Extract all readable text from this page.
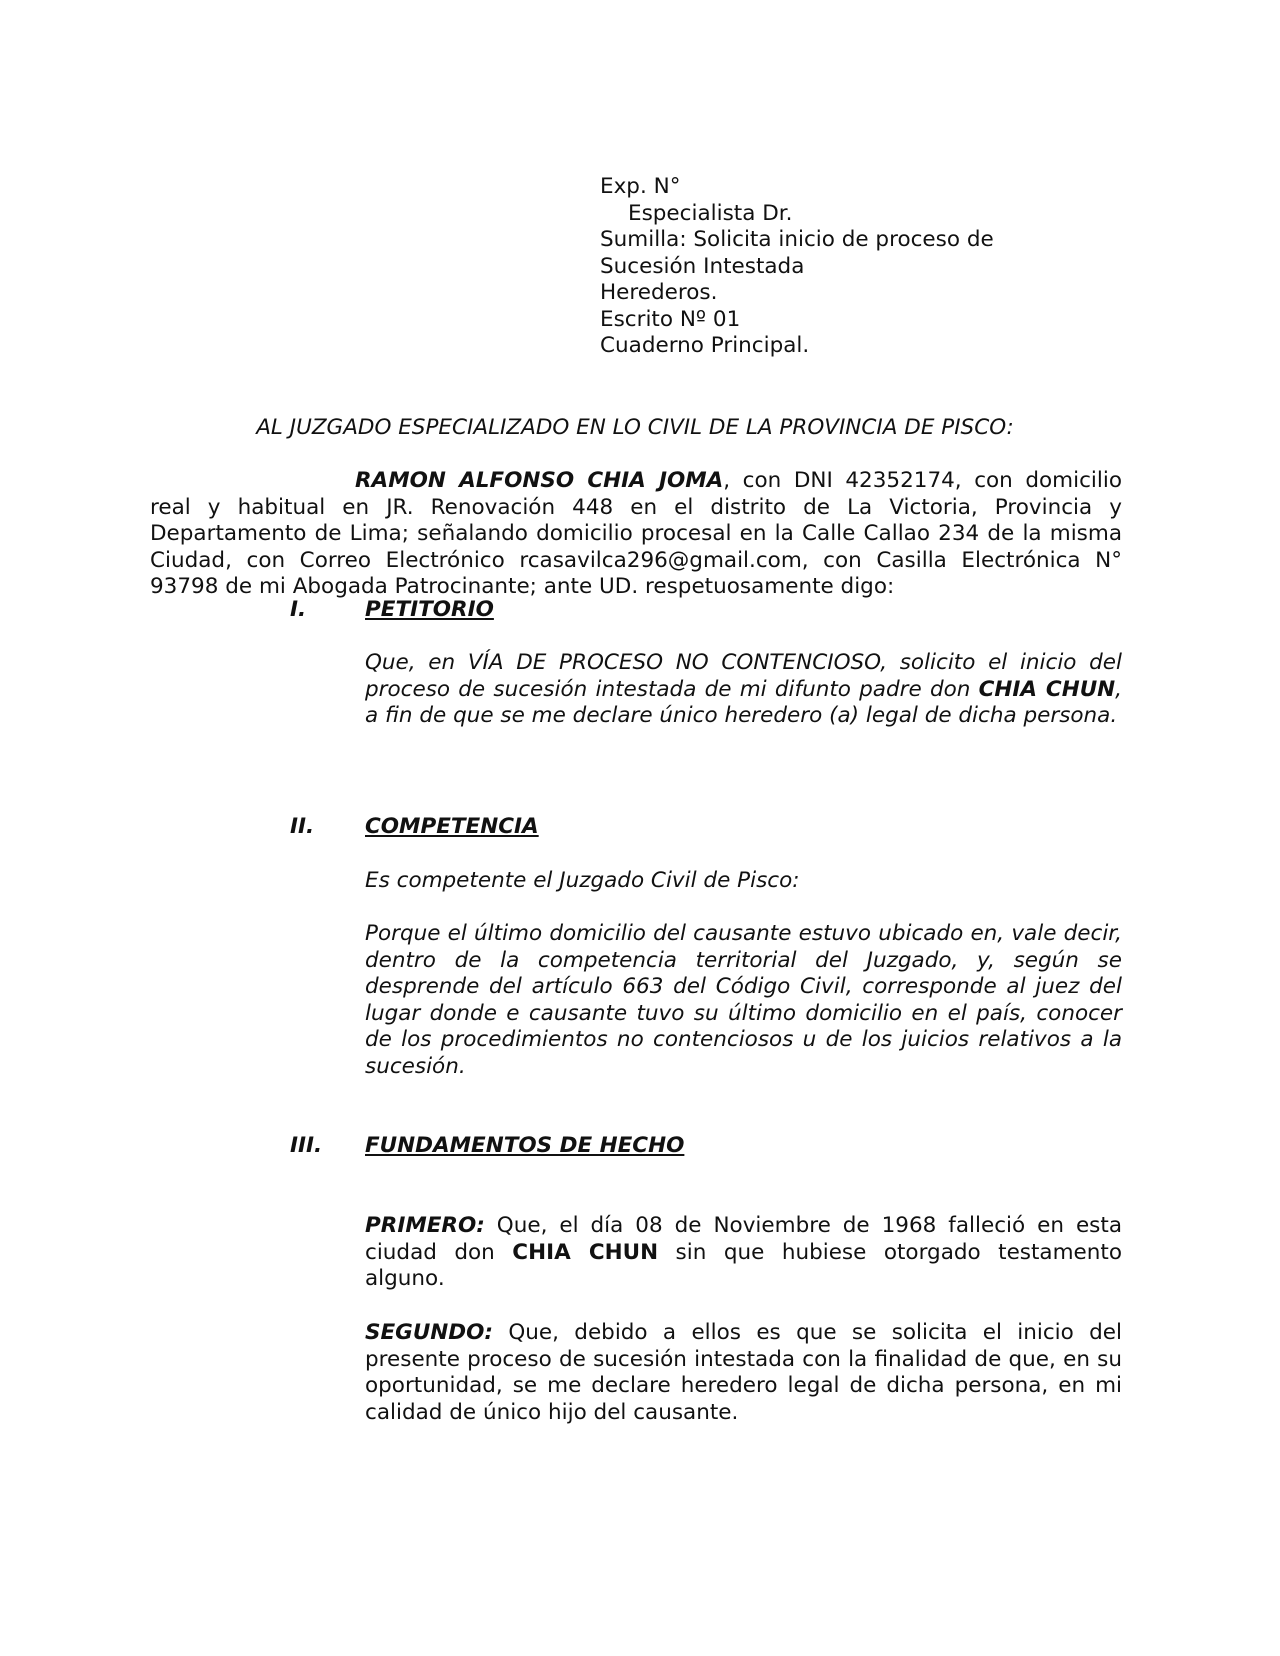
Exp. N°
Especialista Dr.
Sumilla: Solicita inicio de proceso de
Sucesión Intestada
Herederos.
Escrito Nº 01
Cuaderno Principal.
AL JUZGADO ESPECIALIZADO EN LO CIVIL DE LA PROVINCIA DE PISCO:
RAMON ALFONSO CHIA JOMA, con DNI 42352174, con domicilio real y habitual en JR. Renovación 448 en el distrito de La Victoria, Provincia y Departamento de Lima; señalando domicilio procesal en la Calle Callao 234 de la misma Ciudad, con Correo Electrónico rcasavilca296@gmail.com, con Casilla Electrónica N° 93798 de mi Abogada Patrocinante; ante UD. respetuosamente digo:
I.	PETITORIO
Que, en VÍA DE PROCESO NO CONTENCIOSO, solicito el inicio del proceso de sucesión intestada de mi difunto padre don CHIA CHUN, a fin de que se me declare único heredero (a) legal de dicha persona.
II. COMPETENCIA
Es competente el Juzgado Civil de Pisco:
Porque el último domicilio del causante estuvo ubicado en, vale decir, dentro de la competencia territorial del Juzgado, y, según se desprende del artículo 663 del Código Civil, corresponde al juez del lugar donde e causante tuvo su último domicilio en el país, conocer de los procedimientos no contenciosos u de los juicios relativos a la sucesión.
III. FUNDAMENTOS DE HECHO
PRIMERO: Que, el día 08 de Noviembre de 1968 falleció en esta ciudad don CHIA CHUN sin que hubiese otorgado testamento alguno.
SEGUNDO: Que, debido a ellos es que se solicita el inicio del presente proceso de sucesión intestada con la finalidad de que, en su oportunidad, se me declare heredero legal de dicha persona, en mi calidad de único hijo del causante.
